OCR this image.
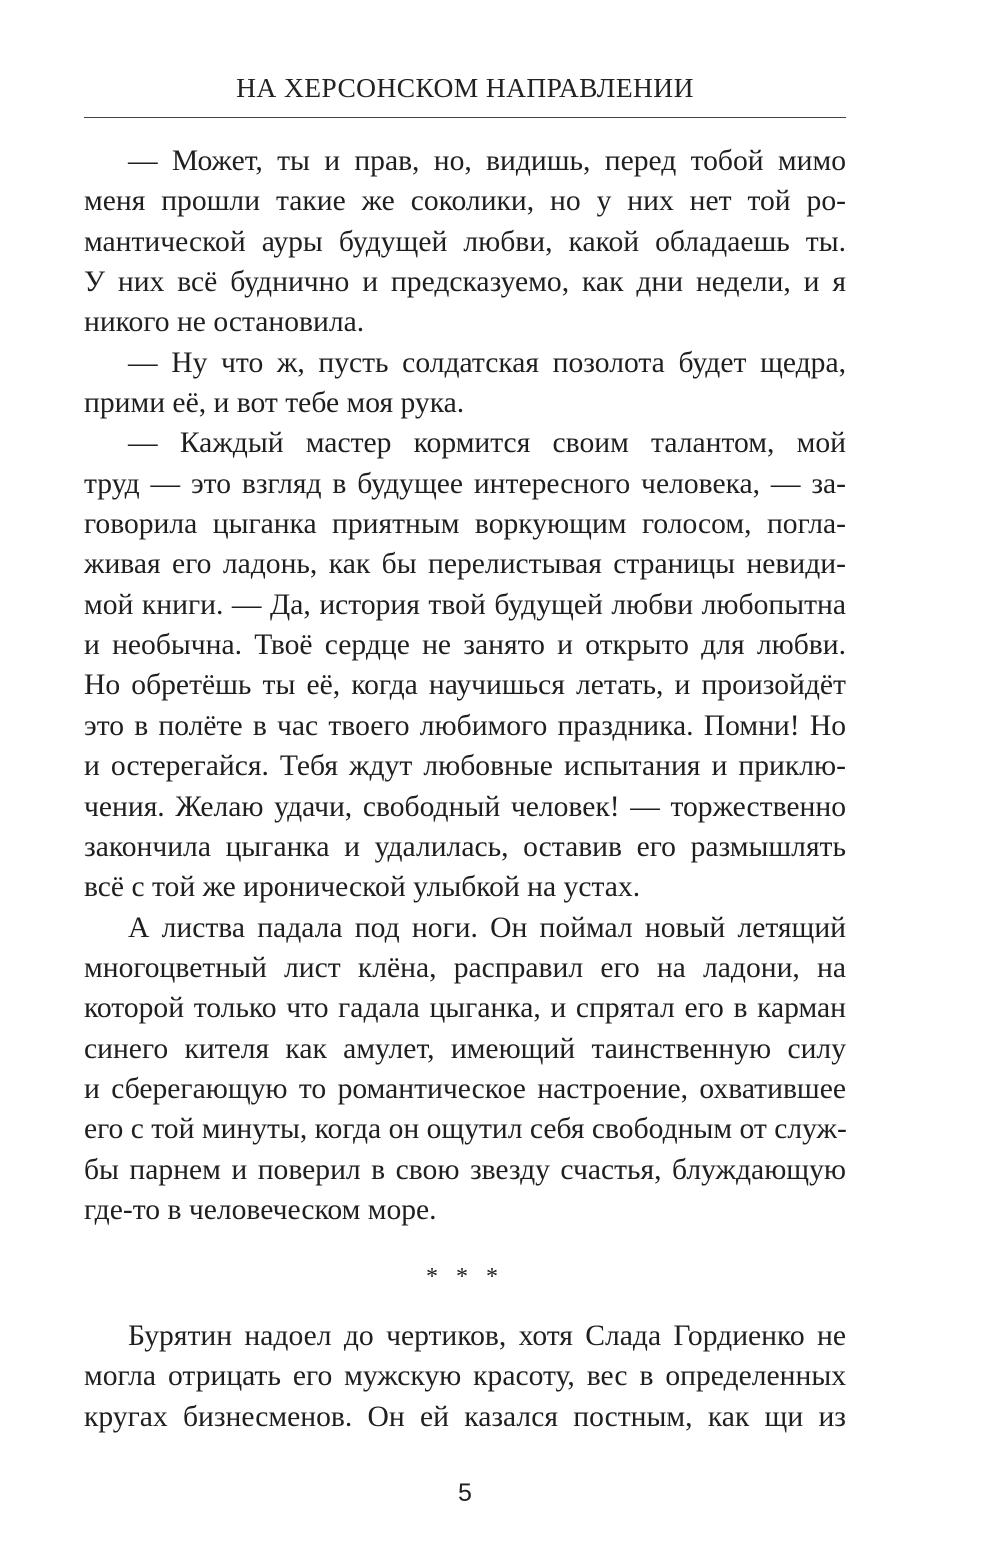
НА ХЕРСОНСКОМ НАПРАВЛЕНИИ
— Может, ты и прав, но, видишь, перед тобой мимо
меня прошли такие же соколики, но у них нет той ро-
мантической ауры будущей любви, какой обладаешь ты.
У них всё буднично и предсказуемо, как дни недели, и я
никого не остановила.
— Ну что ж, пусть солдатская позолота будет щедра,
прими её, и вот тебе моя рука.
— Каждый мастер кормится своим талантом, мой
труд — это взгляд в будущее интересного человека, — за-
говорила цыганка приятным воркующим голосом, погла-
живая его ладонь, как бы перелистывая страницы невиди-
мой книги. — Да, история твой будущей любви любопытна
и необычна. Твоё сердце не занято и открыто для любви.
Но обретёшь ты её, когда научишься летать, и произойдёт
это в полёте в час твоего любимого праздника. Помни! Но
и остерегайся. Тебя ждут любовные испытания и приклю-
чения. Желаю удачи, свободный человек! — торжественно
закончила цыганка и удалилась, оставив его размышлять
всё с той же иронической улыбкой на устах.
А листва падала под ноги. Он поймал новый летящий
многоцветный лист клёна, расправил его на ладони, на
которой только что гадала цыганка, и спрятал его в карман
синего кителя как амулет, имеющий таинственную силу
и сберегающую то романтическое настроение, охватившее
его с той минуты, когда он ощутил себя свободным от служ-
бы парнем и поверил в свою звезду счастья, блуждающую
где-то в человеческом море.
* * *
Бурятин надоел до чертиков, хотя Слада Гордиенко не
могла отрицать его мужскую красоту, вес в определенных
кругах бизнесменов. Он ей казался постным, как щи из
5
